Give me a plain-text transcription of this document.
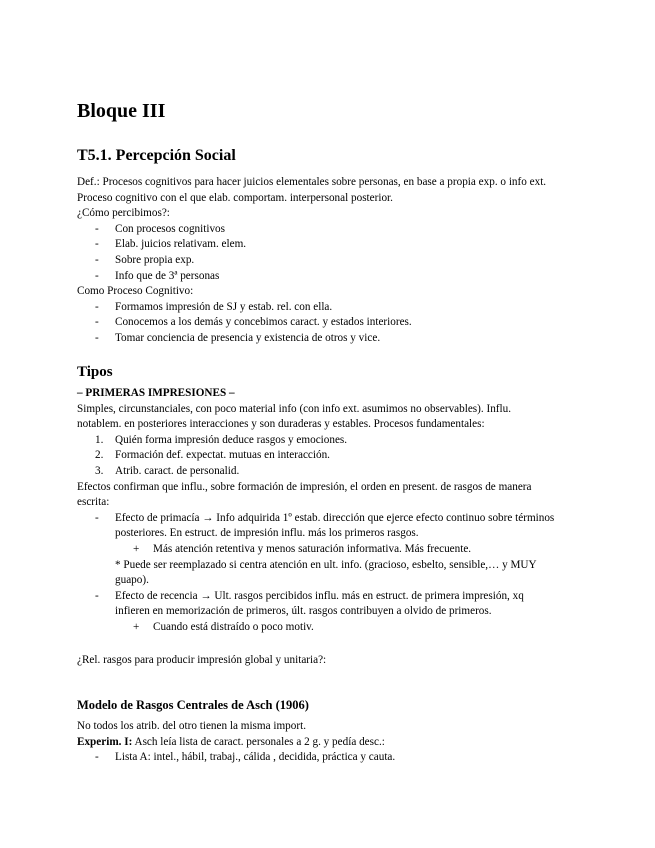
Bloque III
T5.1. Percepción Social
Def.: Procesos cognitivos para hacer juicios elementales sobre personas, en base a propia exp. o info ext.
Proceso cognitivo con el que elab. comportam. interpersonal posterior.
¿Cómo percibimos?:
-	Con procesos cognitivos
-	Elab. juicios relativam. elem.
-	Sobre propia exp.
-	Info que de 3ª personas
Como Proceso Cognitivo:
-	Formamos impresión de SJ y estab. rel. con ella.
-	Conocemos a los demás y concebimos caract. y estados interiores.
-	Tomar conciencia de presencia y existencia de otros y vice.
Tipos
– PRIMERAS IMPRESIONES –
Simples, circunstanciales, con poco material info (con info ext. asumimos no observables). Influ.
notablem. en posteriores interacciones y son duraderas y estables. Procesos fundamentales:
1.	Quién forma impresión deduce rasgos y emociones.
2.	Formación def. expectat. mutuas en interacción.
3.	Atrib. caract. de personalid.
Efectos confirman que influ., sobre formación de impresión, el orden en present. de rasgos de manera
escrita:
-	Efecto de primacía → Info adquirida 1º estab. dirección que ejerce efecto continuo sobre términos
posteriores. En estruct. de impresión influ. más los primeros rasgos.
+	Más atención retentiva y menos saturación informativa. Más frecuente.
* Puede ser reemplazado si centra atención en ult. info. (gracioso, esbelto, sensible,… y MUY
guapo).
-	Efecto de recencia → Ult. rasgos percibidos influ. más en estruct. de primera impresión, xq
infieren en memorización de primeros, últ. rasgos contribuyen a olvido de primeros.
+	Cuando está distraído o poco motiv.
¿Rel. rasgos para producir impresión global y unitaria?:
Modelo de Rasgos Centrales de Asch (1906)
No todos los atrib. del otro tienen la misma import.
Experim. I: Asch leía lista de caract. personales a 2 g. y pedía desc.:
-	Lista A: intel., hábil, trabaj., cálida , decidida, práctica y cauta.
